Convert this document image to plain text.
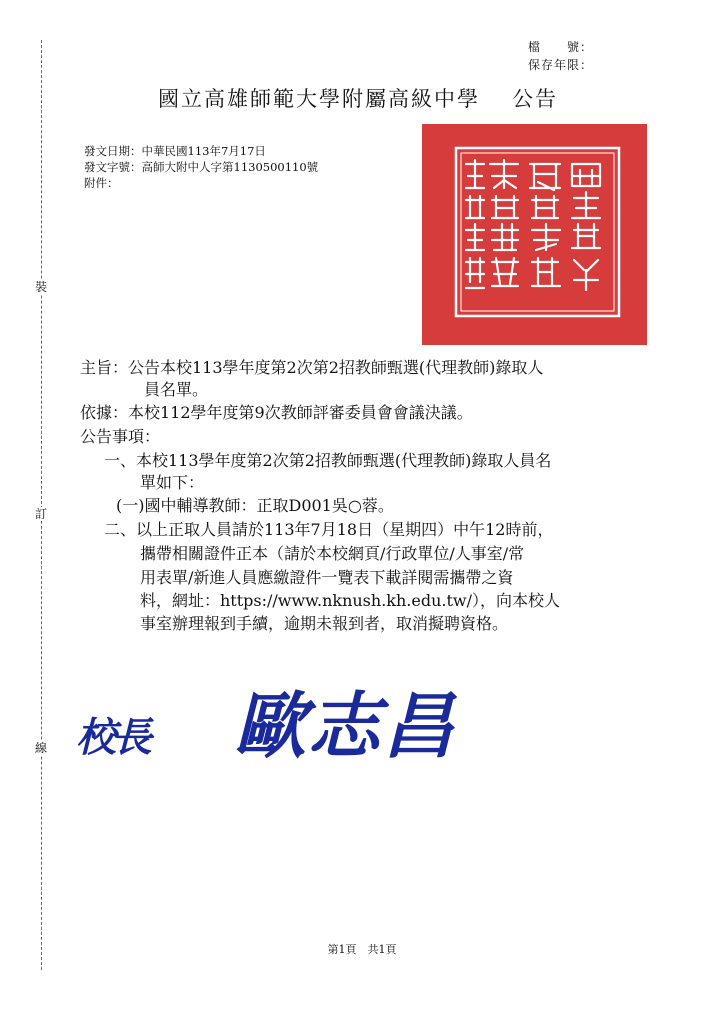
裝
訂
線
檔　　號：
保存年限：
國立高雄師範大學附屬高級中學 公告
發文日期：中華民國113年7月17日
發文字號：高師大附中人字第1130500110號
附件：
主旨：公告本校113學年度第2次第2招教師甄選(代理教師)錄取人
員名單。
依據：本校112學年度第9次教師評審委員會會議決議。
公告事項：
一、本校113學年度第2次第2招教師甄選(代理教師)錄取人員名
單如下：
(一)國中輔導教師：正取D001吳○蓉。
二、以上正取人員請於113年7月18日（星期四）中午12時前，
攜帶相關證件正本（請於本校網頁/行政單位/人事室/常
用表單/新進人員應繳證件一覽表下載詳閱需攜帶之資
料，網址：https://www.nknush.kh.edu.tw/），向本校人
事室辦理報到手續，逾期未報到者，取消擬聘資格。
校長 歐志昌
第1頁　共1頁
